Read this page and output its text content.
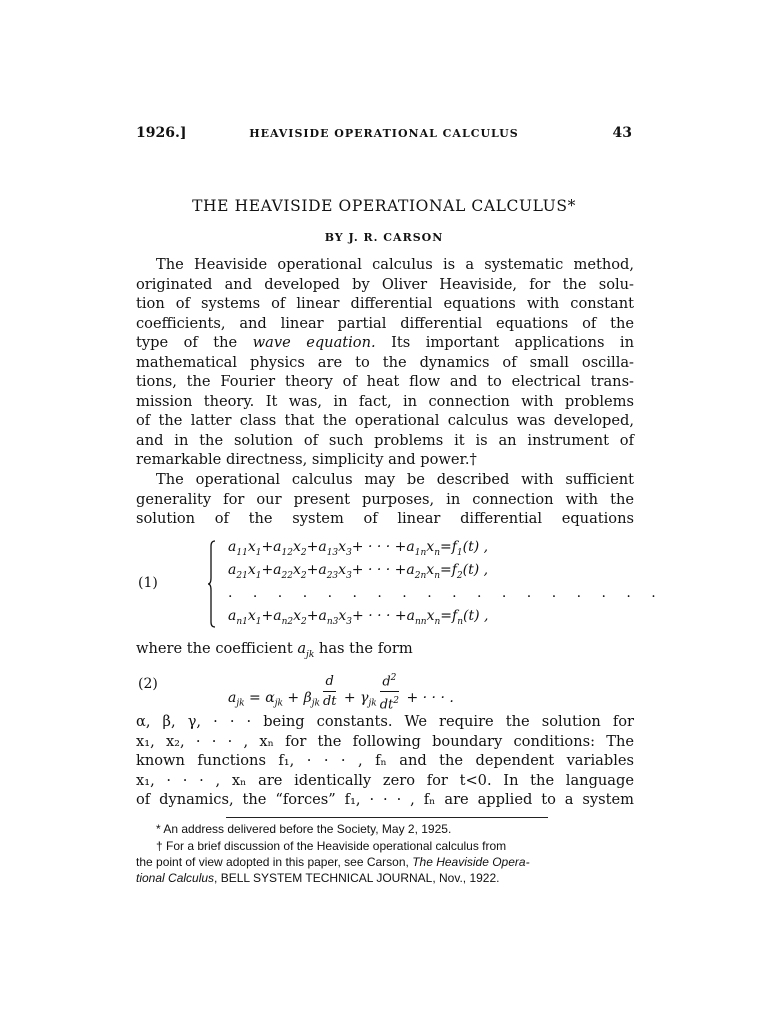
1926.]	HEAVISIDE OPERATIONAL CALCULUS	43
THE HEAVISIDE OPERATIONAL CALCULUS*
BY J. R. CARSON
The Heaviside operational calculus is a systematic method,
originated and developed by Oliver Heaviside, for the solu-
tion of systems of linear differential equations with constant
coefficients, and linear partial differential equations of the
type of the wave equation. Its important applications in
mathematical physics are to the dynamics of small oscilla-
tions, the Fourier theory of heat flow and to electrical trans-
mission theory. It was, in fact, in connection with problems
of the latter class that the operational calculus was developed,
and in the solution of such problems it is an instrument of
remarkable directness, simplicity and power.†
The operational calculus may be described with sufficient
generality for our present purposes, in connection with the
solution of the system of linear differential equations
(1)
$a_{11}x_1+a_{12}x_2+a_{13}x_3+$ · · · $+a_{1n}x_n=f_1(t)$ ,
$a_{21}x_1+a_{22}x_2+a_{23}x_3+$ · · · $+a_{2n}x_n=f_2(t)$ ,
. . . . . . . . . . . . . . . . . .
$a_{n1}x_1+a_{n2}x_2+a_{n3}x_3+$ · · · $+a_{nn}x_n=f_n(t)$ ,
where the coefficient $a_{jk}$ has the form
(2)
$a_{jk} = \alpha_{jk} + \beta_{jk} \frac{d}{dt} + \gamma_{jk} \frac{d^2}{dt^2}$ + · · · .
α, β, γ, · · · being constants. We require the solution for
x₁, x₂, · · · , xₙ for the following boundary conditions: The
known functions f₁, · · · , fₙ and the dependent variables
x₁, · · · , xₙ are identically zero for t<0. In the language
of dynamics, the “forces” f₁, · · · , fₙ are applied to a system
* An address delivered before the Society, May 2, 1925.
† For a brief discussion of the Heaviside operational calculus from
the point of view adopted in this paper, see Carson, The Heaviside Opera-
tional Calculus, BELL SYSTEM TECHNICAL JOURNAL, Nov., 1922.
